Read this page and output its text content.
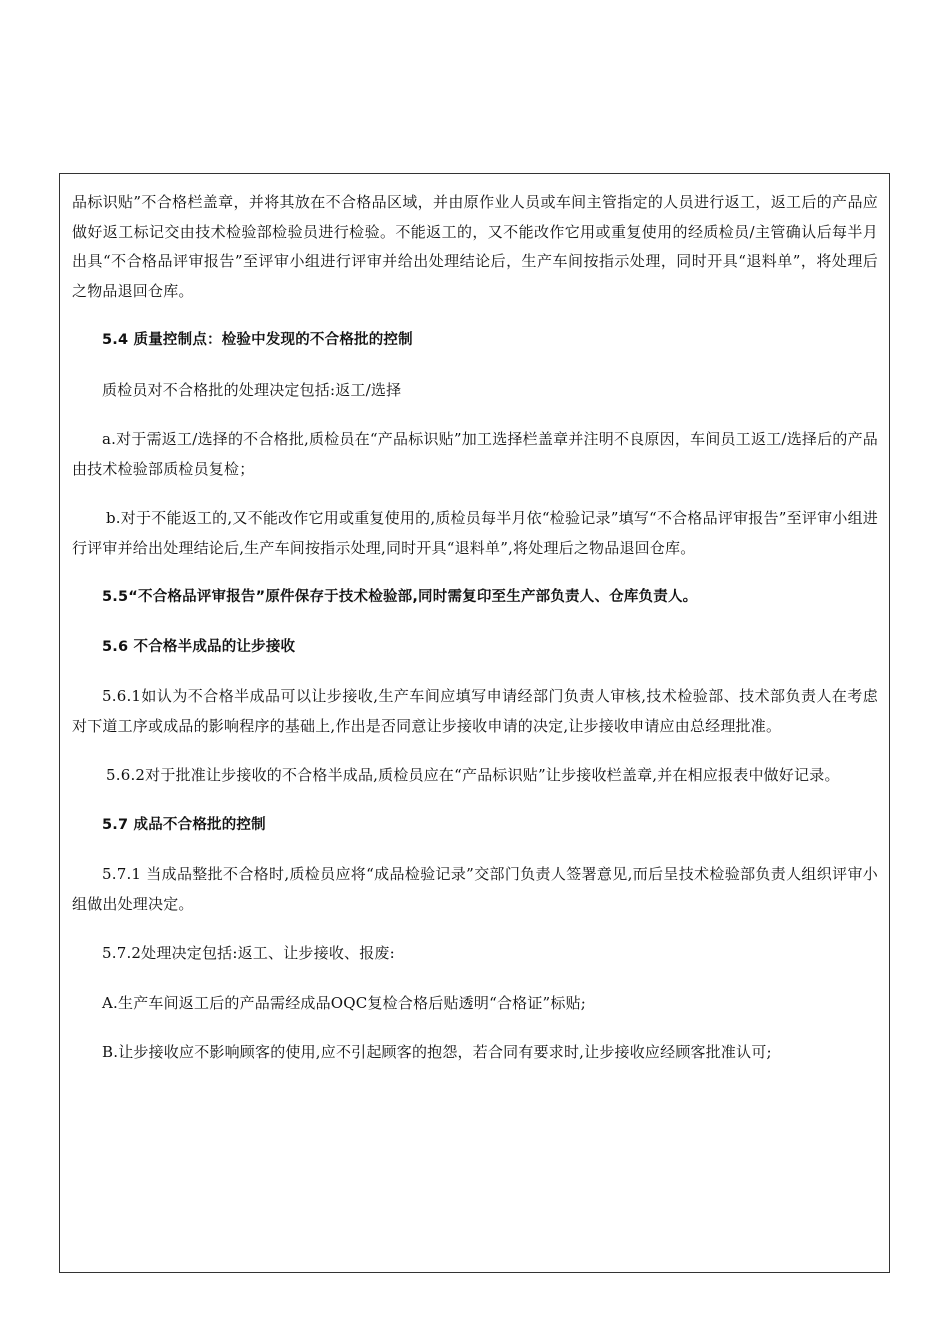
品标识贴”不合格栏盖章，并将其放在不合格品区域，并由原作业人员或车间主管指定的人员进行返工，返工后的产品应做好返工标记交由技术检验部检验员进行检验。不能返工的，又不能改作它用或重复使用的经质检员/主管确认后每半月出具“不合格品评审报告”至评审小组进行评审并给出处理结论后，生产车间按指示处理，同时开具“退料单”，将处理后之物品退回仓库。

5.4 质量控制点：检验中发现的不合格批的控制

质检员对不合格批的处理决定包括:返工/选择

a.对于需返工/选择的不合格批,质检员在“产品标识贴”加工选择栏盖章并注明不良原因，车间员工返工/选择后的产品由技术检验部质检员复检；

b.对于不能返工的,又不能改作它用或重复使用的,质检员每半月依“检验记录”填写“不合格品评审报告”至评审小组进行评审并给出处理结论后,生产车间按指示处理,同时开具“退料单”,将处理后之物品退回仓库。

5.5“不合格品评审报告”原件保存于技术检验部,同时需复印至生产部负责人、仓库负责人。

5.6 不合格半成品的让步接收

5.6.1如认为不合格半成品可以让步接收,生产车间应填写申请经部门负责人审核,技术检验部、技术部负责人在考虑对下道工序或成品的影响程序的基础上,作出是否同意让步接收申请的决定,让步接收申请应由总经理批准。

5.6.2对于批准让步接收的不合格半成品,质检员应在“产品标识贴”让步接收栏盖章,并在相应报表中做好记录。

5.7 成品不合格批的控制

5.7.1 当成品整批不合格时,质检员应将“成品检验记录”交部门负责人签署意见,而后呈技术检验部负责人组织评审小组做出处理决定。

5.7.2处理决定包括:返工、让步接收、报废:

A.生产车间返工后的产品需经成品OQC复检合格后贴透明“合格证”标贴;

B.让步接收应不影响顾客的使用,应不引起顾客的抱怨，若合同有要求时,让步接收应经顾客批准认可;
